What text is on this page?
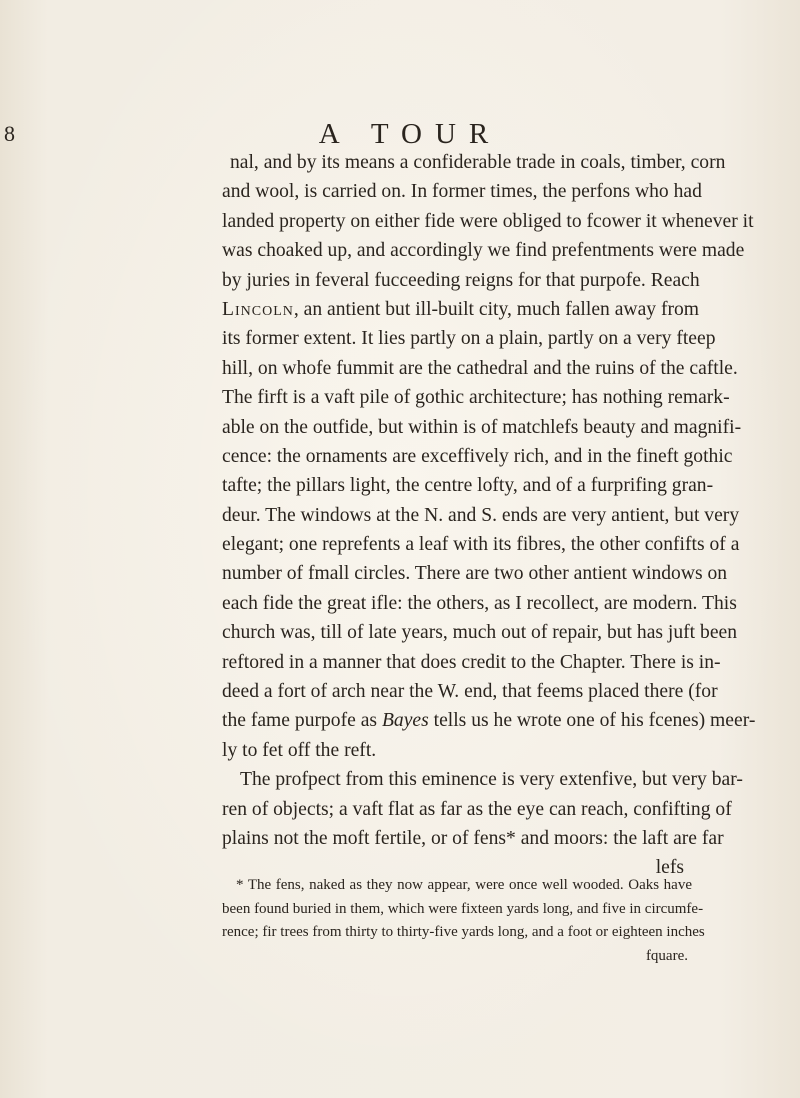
8	A TOUR
nal, and by its means a confiderable trade in coals, timber, corn
and wool, is carried on. In former times, the perfons who had
landed property on either fide were obliged to fcower it whenever it
was choaked up, and accordingly we find prefentments were made
by juries in feveral fucceeding reigns for that purpofe. Reach
Lincoln, an antient but ill-built city, much fallen away from
its former extent. It lies partly on a plain, partly on a very fteep
hill, on whofe fummit are the cathedral and the ruins of the caftle.
The firft is a vaft pile of gothic architecture; has nothing remark-
able on the outfide, but within is of matchlefs beauty and magnifi-
cence: the ornaments are exceffively rich, and in the fineft gothic
tafte; the pillars light, the centre lofty, and of a furprifing gran-
deur. The windows at the N. and S. ends are very antient, but very
elegant; one reprefents a leaf with its fibres, the other confifts of a
number of fmall circles. There are two other antient windows on
each fide the great ifle: the others, as I recollect, are modern. This
church was, till of late years, much out of repair, but has juft been
reftored in a manner that does credit to the Chapter. There is in-
deed a fort of arch near the W. end, that feems placed there (for
the fame purpofe as Bayes tells us he wrote one of his fcenes) meer-
ly to fet off the reft.
The profpect from this eminence is very extenfive, but very bar-
ren of objects; a vaft flat as far as the eye can reach, confifting of
plains not the moft fertile, or of fens* and moors: the laft are far
lefs
* The fens, naked as they now appear, were once well wooded. Oaks have
been found buried in them, which were fixteen yards long, and five in circumfe-
rence; fir trees from thirty to thirty-five yards long, and a foot or eighteen inches
fquare.
